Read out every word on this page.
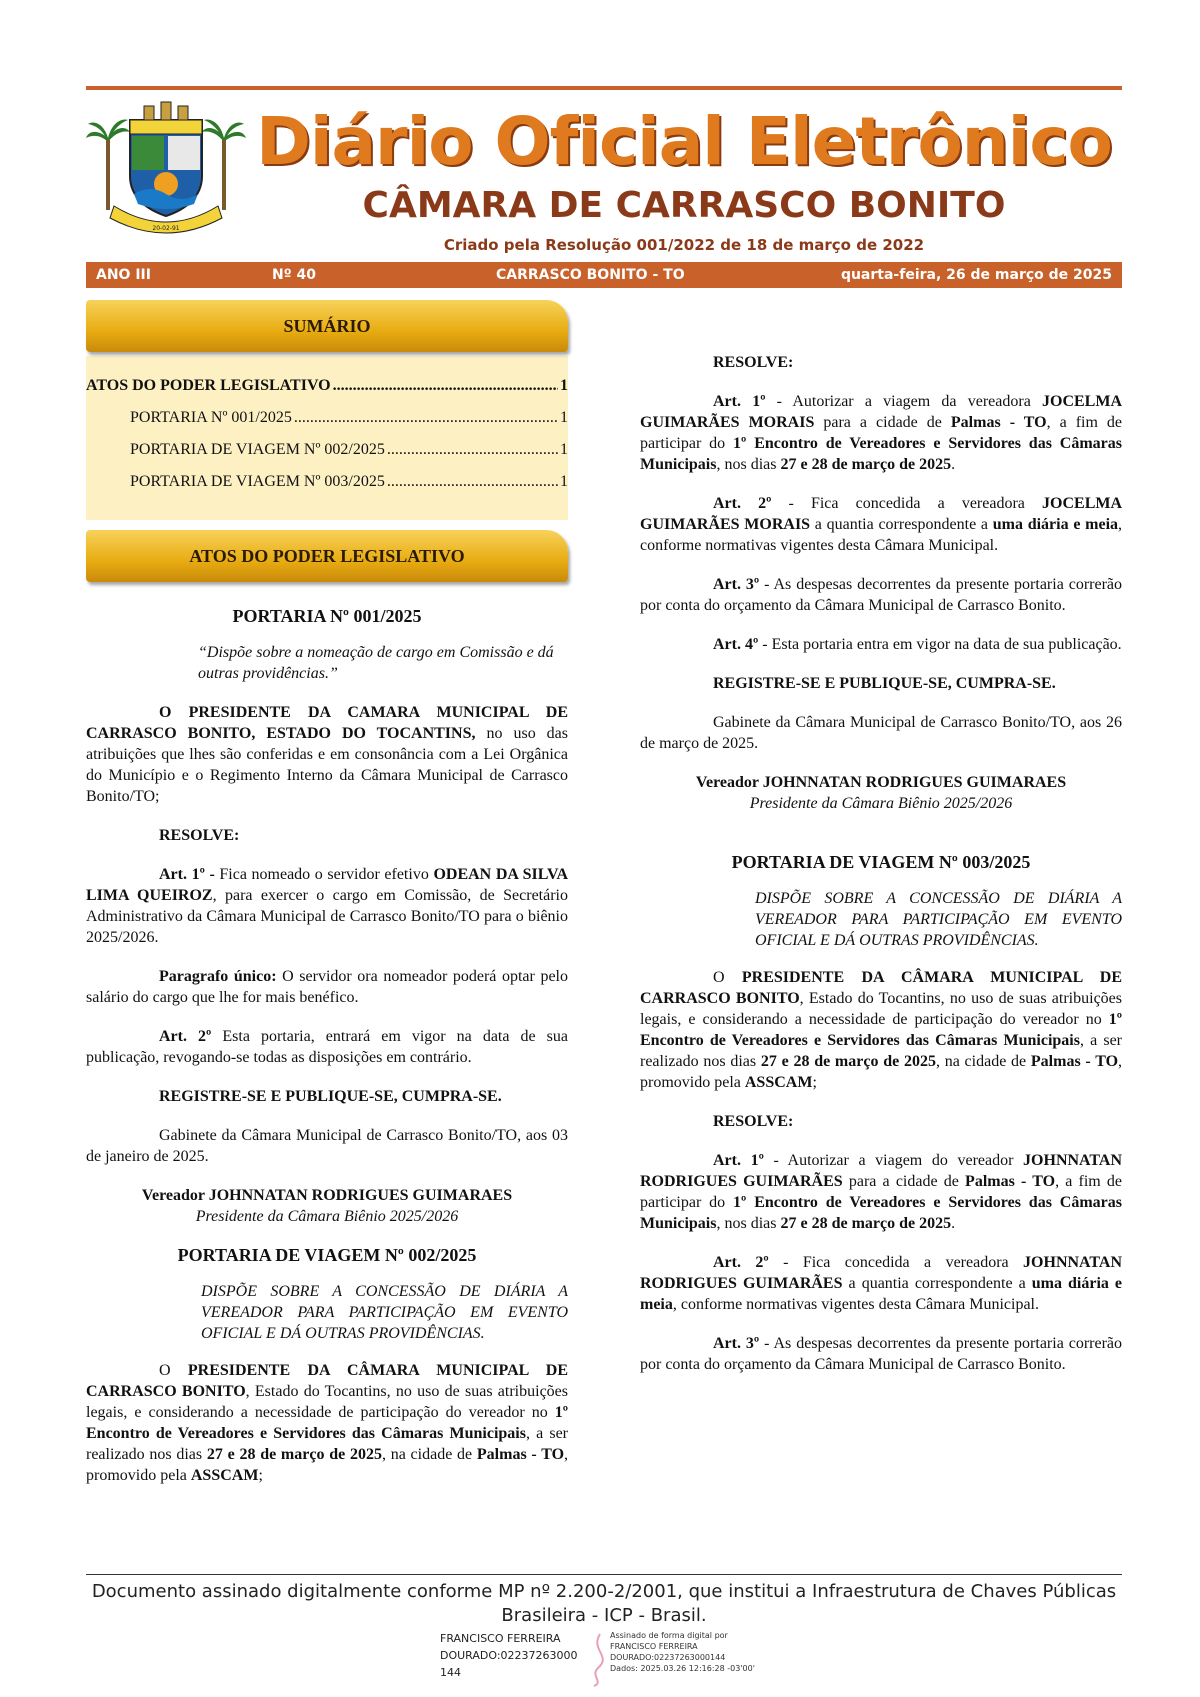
20-02-91
Diário Oficial Eletrônico
CÂMARA DE CARRASCO BONITO
Criado pela Resolução 001/2022 de 18 de março de 2022
ANO III	Nº 40	CARRASCO BONITO - TO	quarta-feira, 26 de março de 2025
SUMÁRIO
ATOS DO PODER LEGISLATIVO .....	1
PORTARIA Nº 001/2025 .....	1
PORTARIA DE VIAGEM Nº 002/2025 .....	1
PORTARIA DE VIAGEM Nº 003/2025 .....	1
ATOS DO PODER LEGISLATIVO
PORTARIA Nº 001/2025

“Dispõe sobre a nomeação de cargo em Comissão e dá outras providências.”

O PRESIDENTE DA CAMARA MUNICIPAL DE CARRASCO BONITO, ESTADO DO TOCANTINS, no uso das atribuições que lhes são conferidas e em consonância com a Lei Orgânica do Município e o Regimento Interno da Câmara Municipal de Carrasco Bonito/TO;

RESOLVE:

Art. 1º - Fica nomeado o servidor efetivo ODEAN DA SILVA LIMA QUEIROZ, para exercer o cargo em Comissão, de Secretário Administrativo da Câmara Municipal de Carrasco Bonito/TO para o biênio 2025/2026.

Paragrafo único: O servidor ora nomeador poderá optar pelo salário do cargo que lhe for mais benéfico.

Art. 2º Esta portaria, entrará em vigor na data de sua publicação, revogando-se todas as disposições em contrário.

REGISTRE-SE E PUBLIQUE-SE, CUMPRA-SE.

Gabinete da Câmara Municipal de Carrasco Bonito/TO, aos 03 de janeiro de 2025.

Vereador JOHNNATAN RODRIGUES GUIMARAES

Presidente da Câmara Biênio 2025/2026

PORTARIA DE VIAGEM Nº 002/2025

DISPÕE SOBRE A CONCESSÃO DE DIÁRIA A VEREADOR PARA PARTICIPAÇÃO EM EVENTO OFICIAL E DÁ OUTRAS PROVIDÊNCIAS.

O PRESIDENTE DA CÂMARA MUNICIPAL DE CARRASCO BONITO, Estado do Tocantins, no uso de suas atribuições legais, e considerando a necessidade de participação do vereador no 1º Encontro de Vereadores e Servidores das Câmaras Municipais, a ser realizado nos dias 27 e 28 de março de 2025, na cidade de Palmas - TO, promovido pela ASSCAM;

RESOLVE:

Art. 1º - Autorizar a viagem da vereadora JOCELMA GUIMARÃES MORAIS para a cidade de Palmas - TO, a fim de participar do 1º Encontro de Vereadores e Servidores das Câmaras Municipais, nos dias 27 e 28 de março de 2025.

Art. 2º - Fica concedida a vereadora JOCELMA GUIMARÃES MORAIS a quantia correspondente a uma diária e meia, conforme normativas vigentes desta Câmara Municipal.

Art. 3º - As despesas decorrentes da presente portaria correrão por conta do orçamento da Câmara Municipal de Carrasco Bonito.

Art. 4º - Esta portaria entra em vigor na data de sua publicação.

REGISTRE-SE E PUBLIQUE-SE, CUMPRA-SE.

Gabinete da Câmara Municipal de Carrasco Bonito/TO, aos 26 de março de 2025.

Vereador JOHNNATAN RODRIGUES GUIMARAES

Presidente da Câmara Biênio 2025/2026

PORTARIA DE VIAGEM Nº 003/2025

DISPÕE SOBRE A CONCESSÃO DE DIÁRIA A VEREADOR PARA PARTICIPAÇÃO EM EVENTO OFICIAL E DÁ OUTRAS PROVIDÊNCIAS.

O PRESIDENTE DA CÂMARA MUNICIPAL DE CARRASCO BONITO, Estado do Tocantins, no uso de suas atribuições legais, e considerando a necessidade de participação do vereador no 1º Encontro de Vereadores e Servidores das Câmaras Municipais, a ser realizado nos dias 27 e 28 de março de 2025, na cidade de Palmas - TO, promovido pela ASSCAM;

RESOLVE:

Art. 1º - Autorizar a viagem do vereador JOHNNATAN RODRIGUES GUIMARÃES para a cidade de Palmas - TO, a fim de participar do 1º Encontro de Vereadores e Servidores das Câmaras Municipais, nos dias 27 e 28 de março de 2025.

Art. 2º - Fica concedida a vereadora JOHNNATAN RODRIGUES GUIMARÃES a quantia correspondente a uma diária e meia, conforme normativas vigentes desta Câmara Municipal.

Art. 3º - As despesas decorrentes da presente portaria correrão por conta do orçamento da Câmara Municipal de Carrasco Bonito.

Documento assinado digitalmente conforme MP nº 2.200-2/2001, que institui a Infraestrutura de Chaves Públicas Brasileira - ICP - Brasil.
FRANCISCO FERREIRA
DOURADO:02237263000
144
Assinado de forma digital por
FRANCISCO FERREIRA
DOURADO:02237263000144
Dados: 2025.03.26 12:16:28 -03'00'
